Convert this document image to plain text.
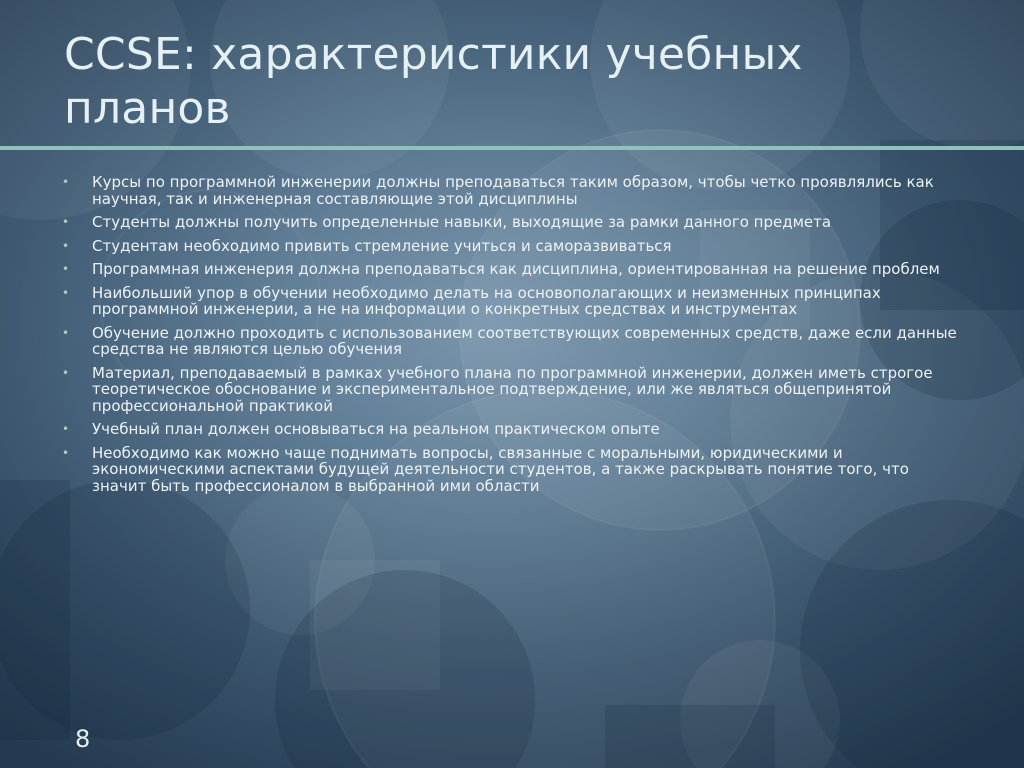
CCSE: характеристики учебных планов
• Курсы по программной инженерии должны преподаваться таким образом, чтобы четко проявлялись как научная, так и инженерная составляющие этой дисциплины
• Студенты должны получить определенные навыки, выходящие за рамки данного предмета
• Студентам необходимо привить стремление учиться и саморазвиваться
• Программная инженерия должна преподаваться как дисциплина, ориентированная на решение проблем
• Наибольший упор в обучении необходимо делать на основополагающих и неизменных принципах программной инженерии, а не на информации о конкретных средствах и инструментах
• Обучение должно проходить с использованием соответствующих современных средств, даже если данные средства не являются целью обучения
• Материал, преподаваемый в рамках учебного плана по программной инженерии, должен иметь строгое теоретическое обоснование и экспериментальное подтверждение, или же являться общепринятой профессиональной практикой
• Учебный план должен основываться на реальном практическом опыте
• Необходимо как можно чаще поднимать вопросы, связанные с моральными, юридическими и экономическими аспектами будущей деятельности студентов, а также раскрывать понятие того, что значит быть профессионалом в выбранной ими области
8
